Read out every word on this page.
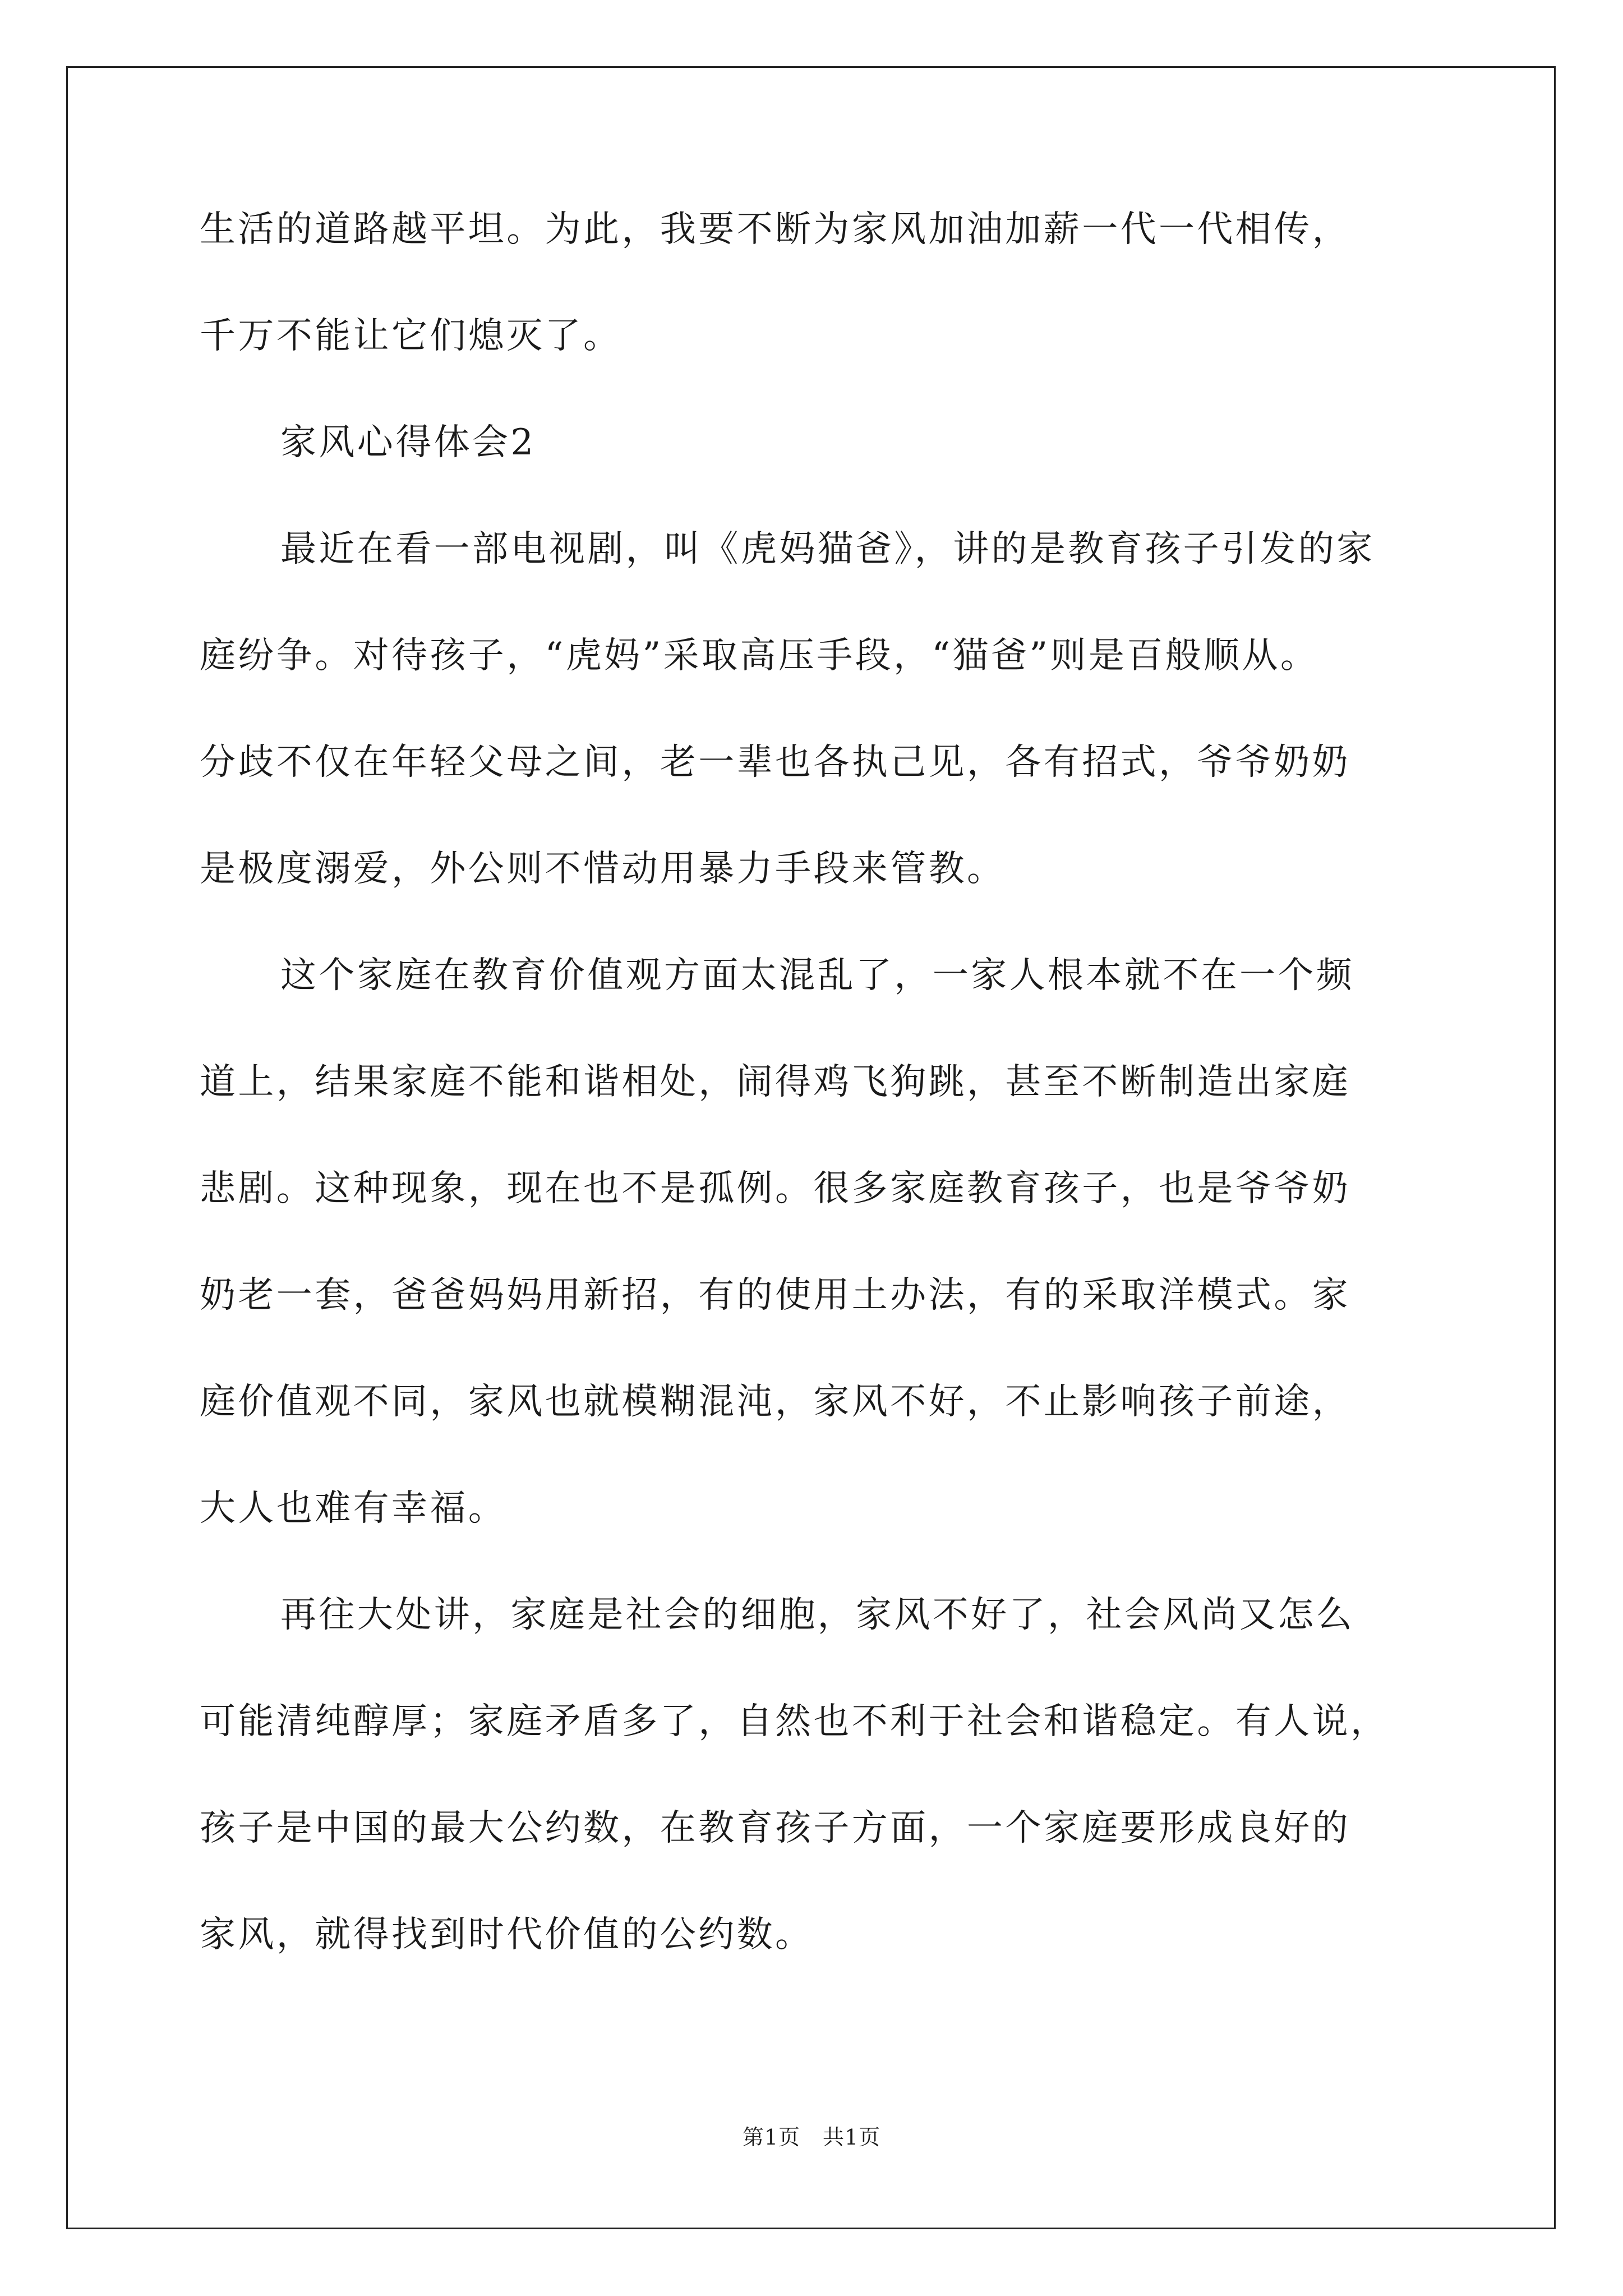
生活的道路越平坦。为此，我要不断为家风加油加薪一代一代相传，
千万不能让它们熄灭了。
家风心得体会2
最近在看一部电视剧，叫《虎妈猫爸》，讲的是教育孩子引发的家
庭纷争。对待孩子，“虎妈”采取高压手段，“猫爸”则是百般顺从。
分歧不仅在年轻父母之间，老一辈也各执己见，各有招式，爷爷奶奶
是极度溺爱，外公则不惜动用暴力手段来管教。
这个家庭在教育价值观方面太混乱了，一家人根本就不在一个频
道上，结果家庭不能和谐相处，闹得鸡飞狗跳，甚至不断制造出家庭
悲剧。这种现象，现在也不是孤例。很多家庭教育孩子，也是爷爷奶
奶老一套，爸爸妈妈用新招，有的使用土办法，有的采取洋模式。家
庭价值观不同，家风也就模糊混沌，家风不好，不止影响孩子前途，
大人也难有幸福。
再往大处讲，家庭是社会的细胞，家风不好了，社会风尚又怎么
可能清纯醇厚；家庭矛盾多了，自然也不利于社会和谐稳定。有人说，
孩子是中国的最大公约数，在教育孩子方面，一个家庭要形成良好的
家风，就得找到时代价值的公约数。
第1页 共1页
